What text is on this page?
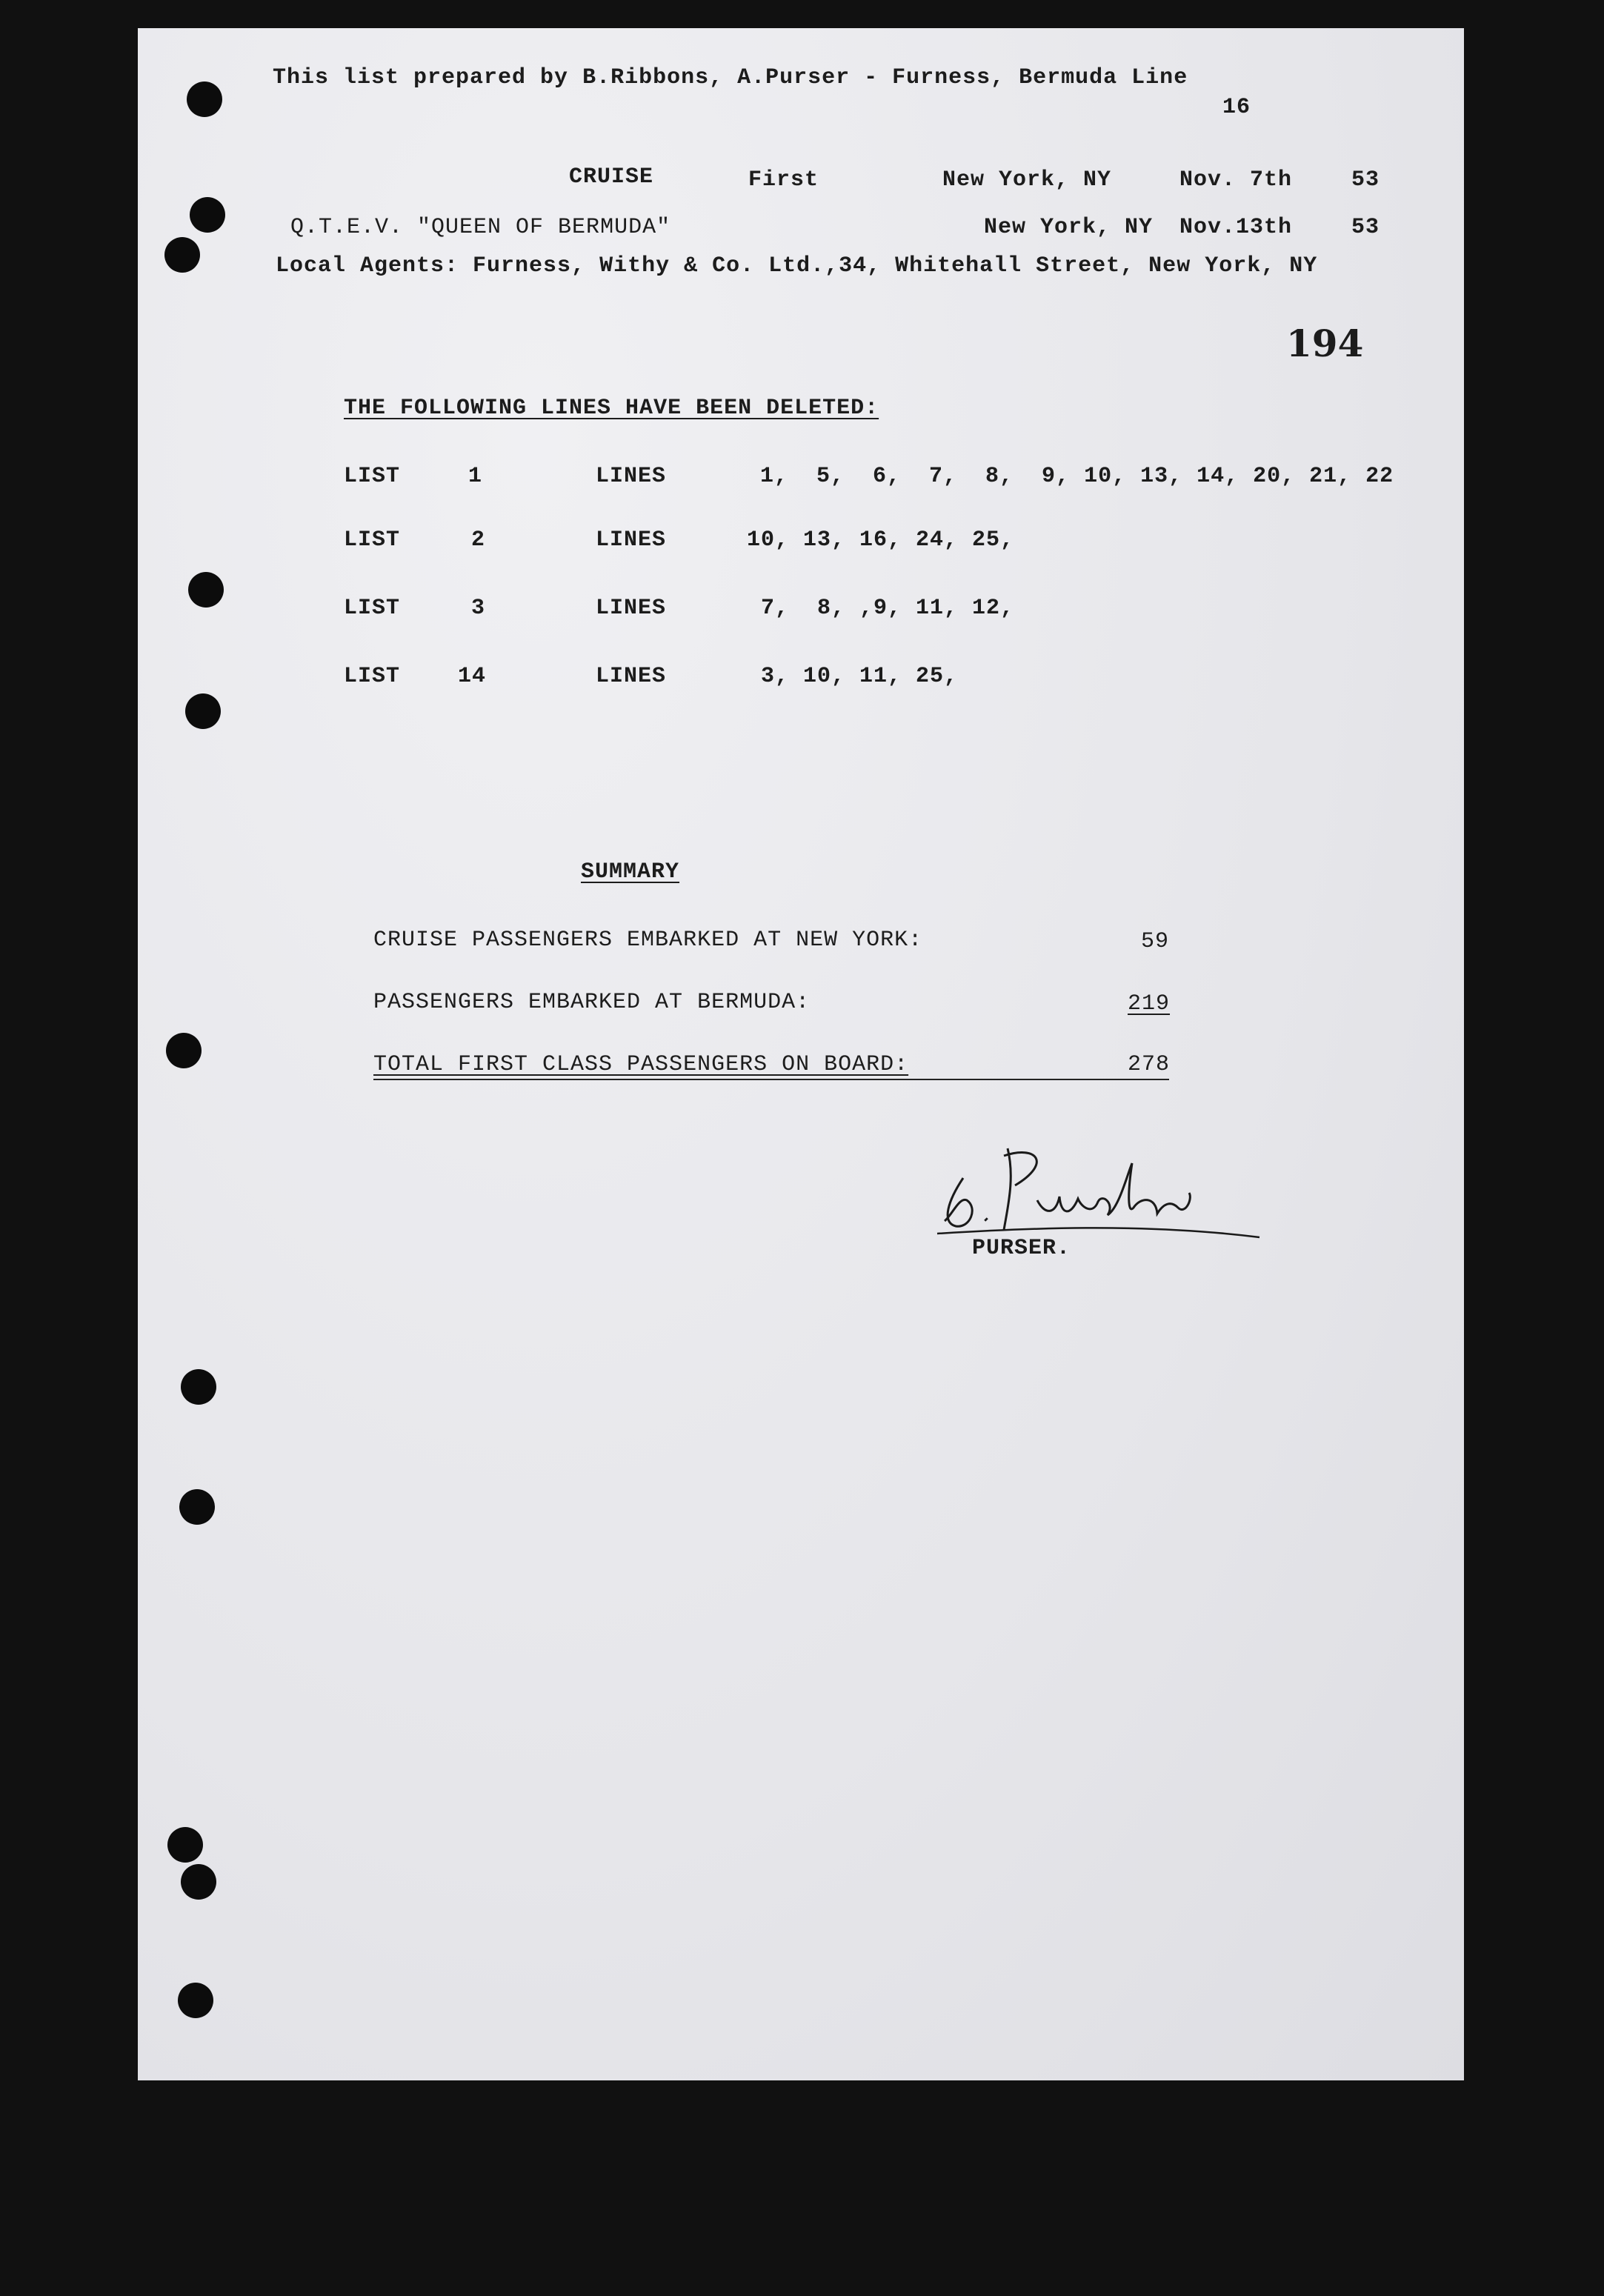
This list prepared by B.Ribbons, A.Purser - Furness, Bermuda Line
16
CRUISE	First	New York, NY	Nov. 7th	53
Q.T.E.V. "QUEEN OF BERMUDA"	New York, NY Nov.13th	53
Local Agents: Furness, Withy & Co. Ltd.,34, Whitehall Street, New York, NY
194
THE FOLLOWING LINES HAVE BEEN DELETED:
LIST	1	LINES	1,  5,  6,  7,  8,  9, 10, 13, 14, 20, 21, 22
LIST	2	LINES	10, 13, 16, 24, 25,
LIST	3	LINES	7,  8, ,9, 11, 12,
LIST	14	LINES	3, 10, 11, 25,
SUMMARY
CRUISE PASSENGERS EMBARKED AT NEW YORK:	59
PASSENGERS EMBARKED AT BERMUDA:	219
TOTAL FIRST CLASS PASSENGERS ON BOARD:	278
PURSER.
